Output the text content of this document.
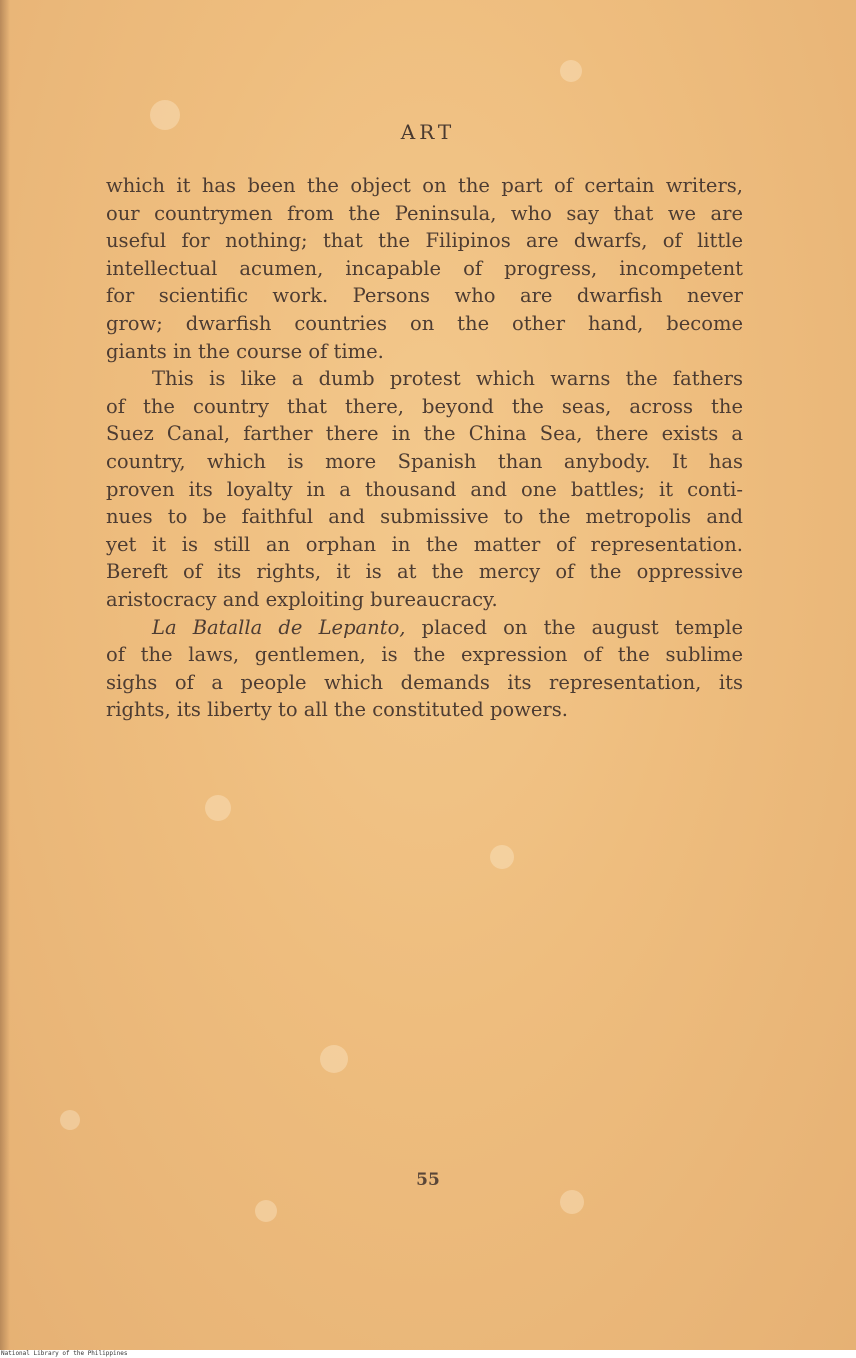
ART

which it has been the object on the part of certain writers,
our countrymen from the Peninsula, who say that we are
useful for nothing; that the Filipinos are dwarfs, of little
intellectual acumen, incapable of progress, incompetent
for scientific work. Persons who are dwarfish never
grow; dwarfish countries on the other hand, become
giants in the course of time.

This is like a dumb protest which warns the fathers
of the country that there, beyond the seas, across the
Suez Canal, farther there in the China Sea, there exists a
country, which is more Spanish than anybody. It has
proven its loyalty in a thousand and one battles; it conti-
nues to be faithful and submissive to the metropolis and
yet it is still an orphan in the matter of representation.
Bereft of its rights, it is at the mercy of the oppressive
aristocracy and exploiting bureaucracy.

La Batalla de Lepanto, placed on the august temple
of the laws, gentlemen, is the expression of the sublime
sighs of a people which demands its representation, its
rights, its liberty to all the constituted powers.

55
National Library of the Philippines
